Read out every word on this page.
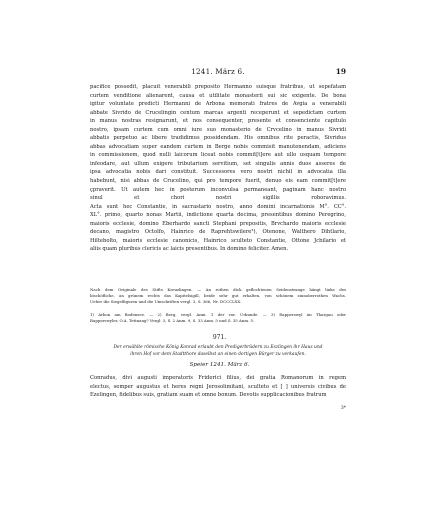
1241. März 6.	19
pacifice possedit, placuit venerabili preposito Hermanno suisque fratribus, ut sepefatam
curtem venditione alienarent, causa et utilitate monasterii sui sic exigente. De bona
igitur voluntate predicti Hermanni de Arbona memorati fratres de Avgia a venerabili
abbate Sivrido de Crucelingin centum marcas argenti receperunt et sepedictam curtem
in manus nostras resignarunt, et nos consequenter, presente et consenciente capitulo
nostro, ipsam curtem cum omni iure suo monasterio de Crvcelino in manus Sivridi
abbatis perpetuo ac libere tradidimus possidendam. His omnibus rite peractis, Sivridus
abbas advocatiam super eandem curtem in Berge nobis commisit manutenendam, adiciens
in commissionem, quod nulli laicorum liceat nobis commit[t]ere aut ullo usquam tempore
infeodare, aut ullum exigere tributarium servitium, set singulis annis duos asseres de
ipsa advocatia nobis dari constituit. Successores vero nostri nichil in advocatia illa
habebunt, nisi abbas de Crucelino, qui pro tempore fuerit, denuo eis eam commit[t]ere
çpraverit. Ut autem hec in posterum inconvulsa permaneant, paginam hanc nostro
sinul et chori nostri sigillis roboravimus.
Acta sunt hec Constantie, in sacrastario nostro, anno domini incarnationis M°. CC°.
XL°. primo, quarto nonas Martii, indictione quarta decima, presentibus domino Peregrino,
maioris ecclesie, domino Eberhardo sancti Stephani prepositis, Brvchardo maioris ecclesie
decano, magistro Octolfo, Hainrico de Raprehtswilere³), Otenone, Walthero Dihtlario,
Hiltebolto, maioris ecclesie canonicis, Hainrico sculteto Constantie, Ottone Jcbilario et
aliis quam pluribus clericis ac laicis presentibus. In domino feliciter. Amen.
Nach dem Originale des Stifts Kreuzlingen. — An rothen dick geflochtenen Seidenstrange hängt links des
bischöfliche, an grünem rechts das Kapitelsigill, beide sehr gut erhalten, von schönem zinnoberrothen Wachs.
Ueber die Siegelfiguren und die Umschriften vergl. 3, S. 366, Nr. DCCCLXX.
1) Arbon am Bodensee. — 2) Berg, vergl. Anm. 1 der vor. Urkunde. — 3) Rapperswyl im Thurgau oder
Rapperswyler, O.A. Tettnang? Vergl. 3, S. 2 Anm. 9, S. 33 Anm. 5 und S. 35 Anm. 5.
971.
Der erwählte römische König Konrad erlaubt den Predigerbrüdern zu Eszlingen ihr Haus und
ihren Hof vor dem Stadtthore daselbst an einen dortigen Bürger zu verkaufen.
Speier 1241. März 6.
Conradus, divi augusti imperatoris Friderici filius, dei gratia Romanorum in regem
electus, semper augustus et heres regni Jerosolimitani, sculteto et [ ] universis civibus de
Ezelingen, fidelibus suis, gratiam suam et omne bonum. Devotis supplicacionibus fratrum
3*
